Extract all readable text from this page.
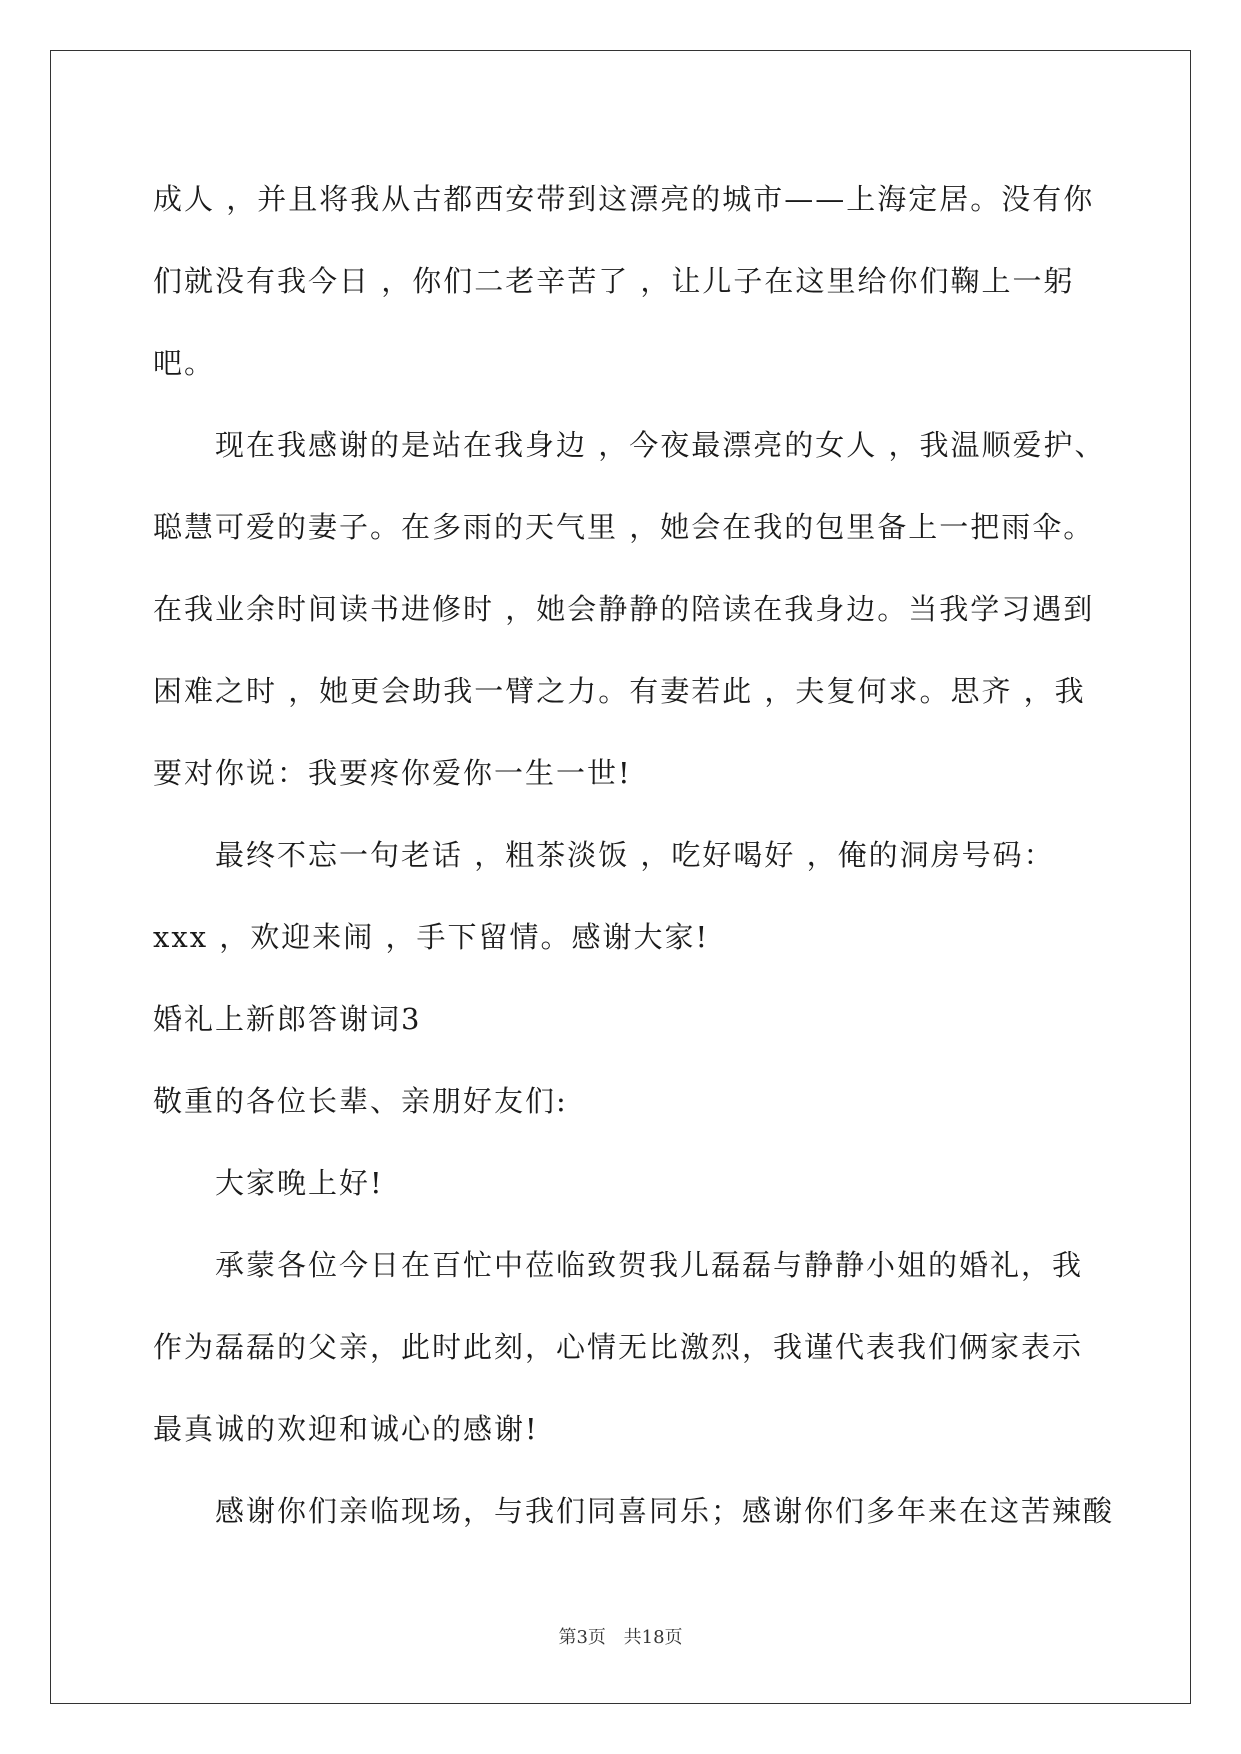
成人 ，并且将我从古都西安带到这漂亮的城市——上海定居。没有你
们就没有我今日 ，你们二老辛苦了 ，让儿子在这里给你们鞠上一躬
吧。
现在我感谢的是站在我身边 ，今夜最漂亮的女人 ，我温顺爱护、
聪慧可爱的妻子。在多雨的天气里 ，她会在我的包里备上一把雨伞。
在我业余时间读书进修时 ，她会静静的陪读在我身边。当我学习遇到
困难之时 ，她更会助我一臂之力。有妻若此 ，夫复何求。思齐 ，我
要对你说：我要疼你爱你一生一世!
最终不忘一句老话 ，粗茶淡饭 ，吃好喝好 ，俺的洞房号码：
xxx ，欢迎来闹 ，手下留情。感谢大家!
婚礼上新郎答谢词3
敬重的各位长辈、亲朋好友们:
大家晚上好!
承蒙各位今日在百忙中莅临致贺我儿磊磊与静静小姐的婚礼，我
作为磊磊的父亲，此时此刻，心情无比激烈，我谨代表我们俩家表示
最真诚的欢迎和诚心的感谢!
感谢你们亲临现场，与我们同喜同乐；感谢你们多年来在这苦辣酸
第3页 共18页
